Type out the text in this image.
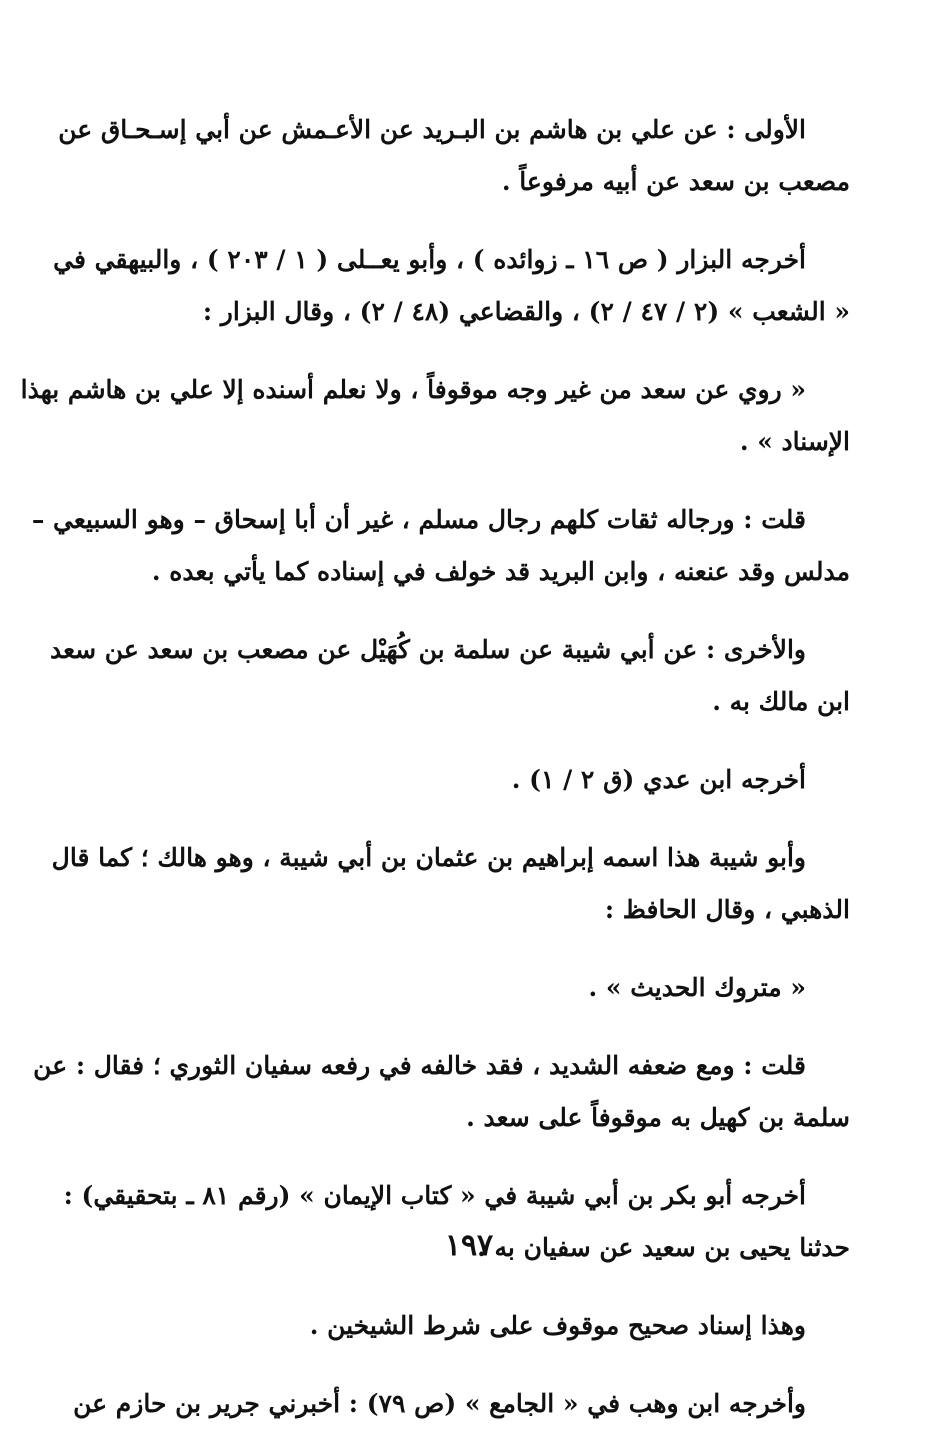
الأولى : عن علي بن هاشم بن البـريد عن الأعـمش عن أبي إسـحـاق عن
مصعب بن سعد عن أبيه مرفوعاً .

أخرجه البزار ( ص ١٦ ـ زوائده ) ، وأبو يعــلى ( ١ / ٢٠٣ ) ، والبيهقي في
« الشعب » (٢ / ٤٧ / ٢) ، والقضاعي (٤٨ / ٢) ، وقال البزار :

« روي عن سعد من غير وجه موقوفاً ، ولا نعلم أسنده إلا علي بن هاشم بهذا
الإسناد » .

قلت : ورجاله ثقات كلهم رجال مسلم ، غير أن أبا إسحاق – وهو السبيعي –
مدلس وقد عنعنه ، وابن البريد قد خولف في إسناده كما يأتي بعده .

والأخرى : عن أبي شيبة عن سلمة بن كُهَيْل عن مصعب بن سعد عن سعد
ابن مالك به .

أخرجه ابن عدي (ق ٢ / ١) .

وأبو شيبة هذا اسمه إبراهيم بن عثمان بن أبي شيبة ، وهو هالك ؛ كما قال
الذهبي ، وقال الحافظ :

« متروك الحديث » .

قلت : ومع ضعفه الشديد ، فقد خالفه في رفعه سفيان الثوري ؛ فقال : عن
سلمة بن كهيل به موقوفاً على سعد .

أخرجه أبو بكر بن أبي شيبة في « كتاب الإيمان » (رقم ٨١ ـ بتحقيقي) :
حدثنا يحيى بن سعيد عن سفيان به .

وهذا إسناد صحيح موقوف على شرط الشيخين .

وأخرجه ابن وهب في « الجامع » (ص ٧٩) : أخبرني جرير بن حازم عن

١٩٧
